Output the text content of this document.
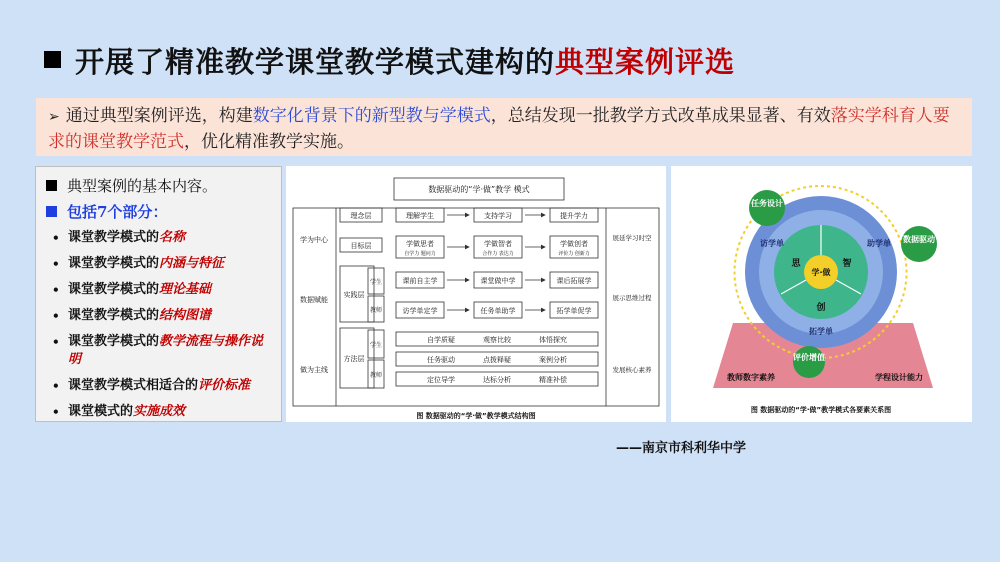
开展了精准教学课堂教学模式建构的典型案例评选
➢ 通过典型案例评选，构建数字化背景下的新型教与学模式，总结发现一批教学方式改革成果显著、有效落实学科育人要求的课堂教学范式，优化精准教学实施。
典型案例的基本内容。
包括7个部分：
• 课堂教学模式的名称
• 课堂教学模式的内涵与特征
• 课堂教学模式的理论基础
• 课堂教学模式的结构图谱
• 课堂教学模式的教学流程与操作说明
• 课堂教学模式相适合的评价标准
• 课堂模式的实施成效
数据驱动的“学·做”教学 模式
学为中心
数据赋能
做为主线
理念层
目标层
实践层
方法层
学生
教师
学生
教师
理解学生	支持学习	提升学力
学做思者	学做智者	学做创者
自学力 题问力	合作力 表达力	评价力 创新力
课前自主学	课堂做中学	课后拓展学
访学单定学	任务单助学	拓学单促学
自学质疑	观察比较	体悟探究
任务驱动	点拨释疑	案例分析
定位导学	达标分析	精准补偿
展延学习时空
展示思维过程
发展核心素养
图 数据驱动的“学·做”教学模式结构图
任务设计
数据驱动
评价增值
访学单	助学单
拓学单
思	智
创
学·做
教师数字素养	学程设计能力
图 数据驱动的“学·做”教学模式各要素关系图
——南京市科利华中学
